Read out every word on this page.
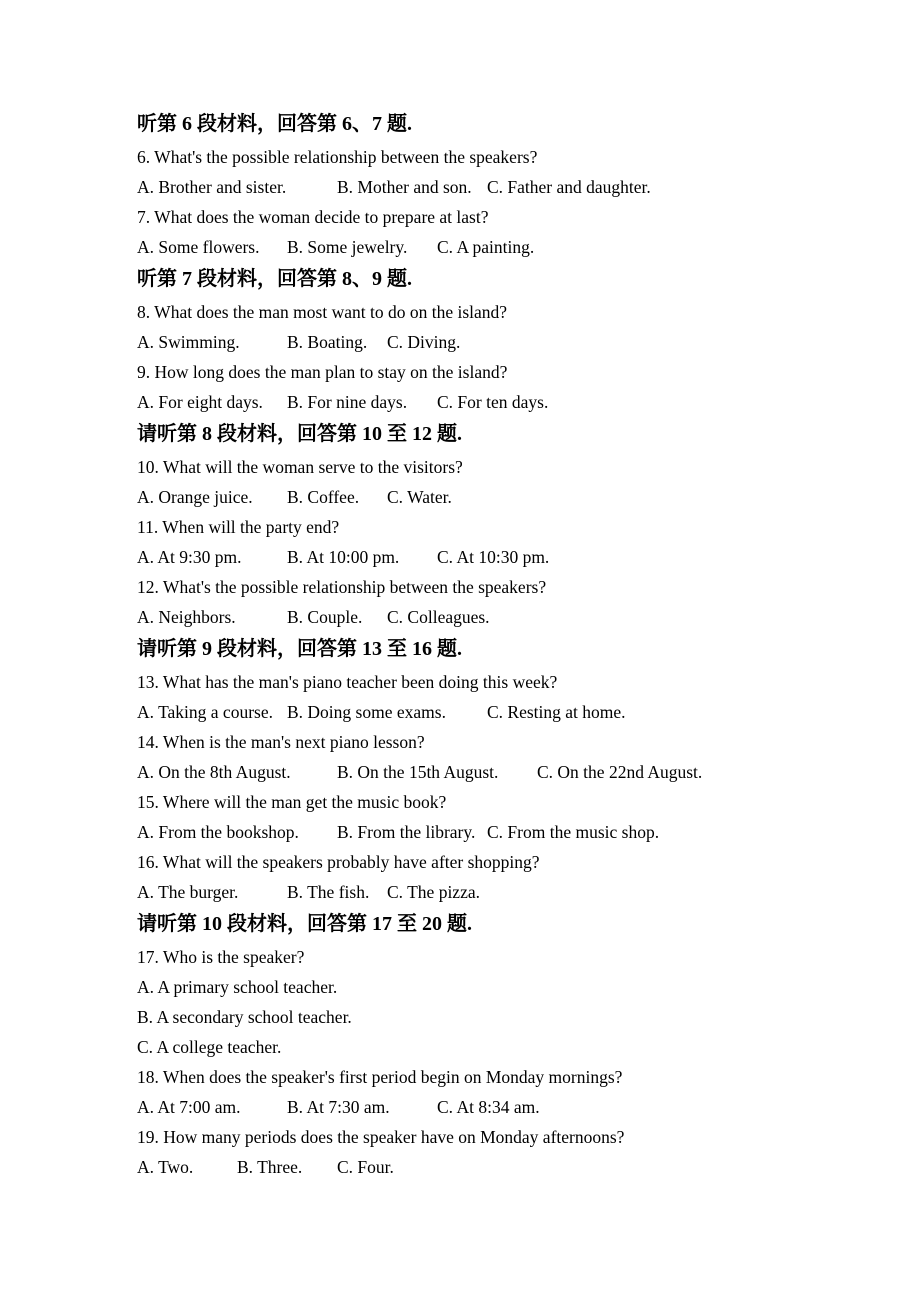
听第 6 段材料，回答第 6、7 题.
6. What's the possible relationship between the speakers?
A. Brother and sister.		B. Mother and son.	C. Father and daughter.
7. What does the woman decide to prepare at last?
A. Some flowers.	B. Some jewelry.	C. A painting.
听第 7 段材料，回答第 8、9 题.
8. What does the man most want to do on the island?
A. Swimming.		B. Boating.	C. Diving.
9. How long does the man plan to stay on the island?
A. For eight days.	B. For nine days.	C. For ten days.
请听第 8 段材料，回答第 10 至 12 题.
10. What will the woman serve to the visitors?
A. Orange juice.	B. Coffee.	C. Water.
11. When will the party end?
A. At 9:30 pm.		B. At 10:00 pm.	C. At 10:30 pm.
12. What's the possible relationship between the speakers?
A. Neighbors.		B. Couple.	C. Colleagues.
请听第 9 段材料，回答第 13 至 16 题.
13. What has the man's piano teacher been doing this week?
A. Taking a course.	B. Doing some exams.	C. Resting at home.
14. When is the man's next piano lesson?
A. On the 8th August.		B. On the 15th August.	C. On the 22nd August.
15. Where will the man get the music book?
A. From the bookshop.	B. From the library.	C. From the music shop.
16. What will the speakers probably have after shopping?
A. The burger.		B. The fish.	C. The pizza.
请听第 10 段材料，回答第 17 至 20 题.
17. Who is the speaker?
A. A primary school teacher.
B. A secondary school teacher.
C. A college teacher.
18. When does the speaker's first period begin on Monday mornings?
A. At 7:00 am.		B. At 7:30 am.		C. At 8:34 am.
19. How many periods does the speaker have on Monday afternoons?
A. Two.	B. Three.	C. Four.
